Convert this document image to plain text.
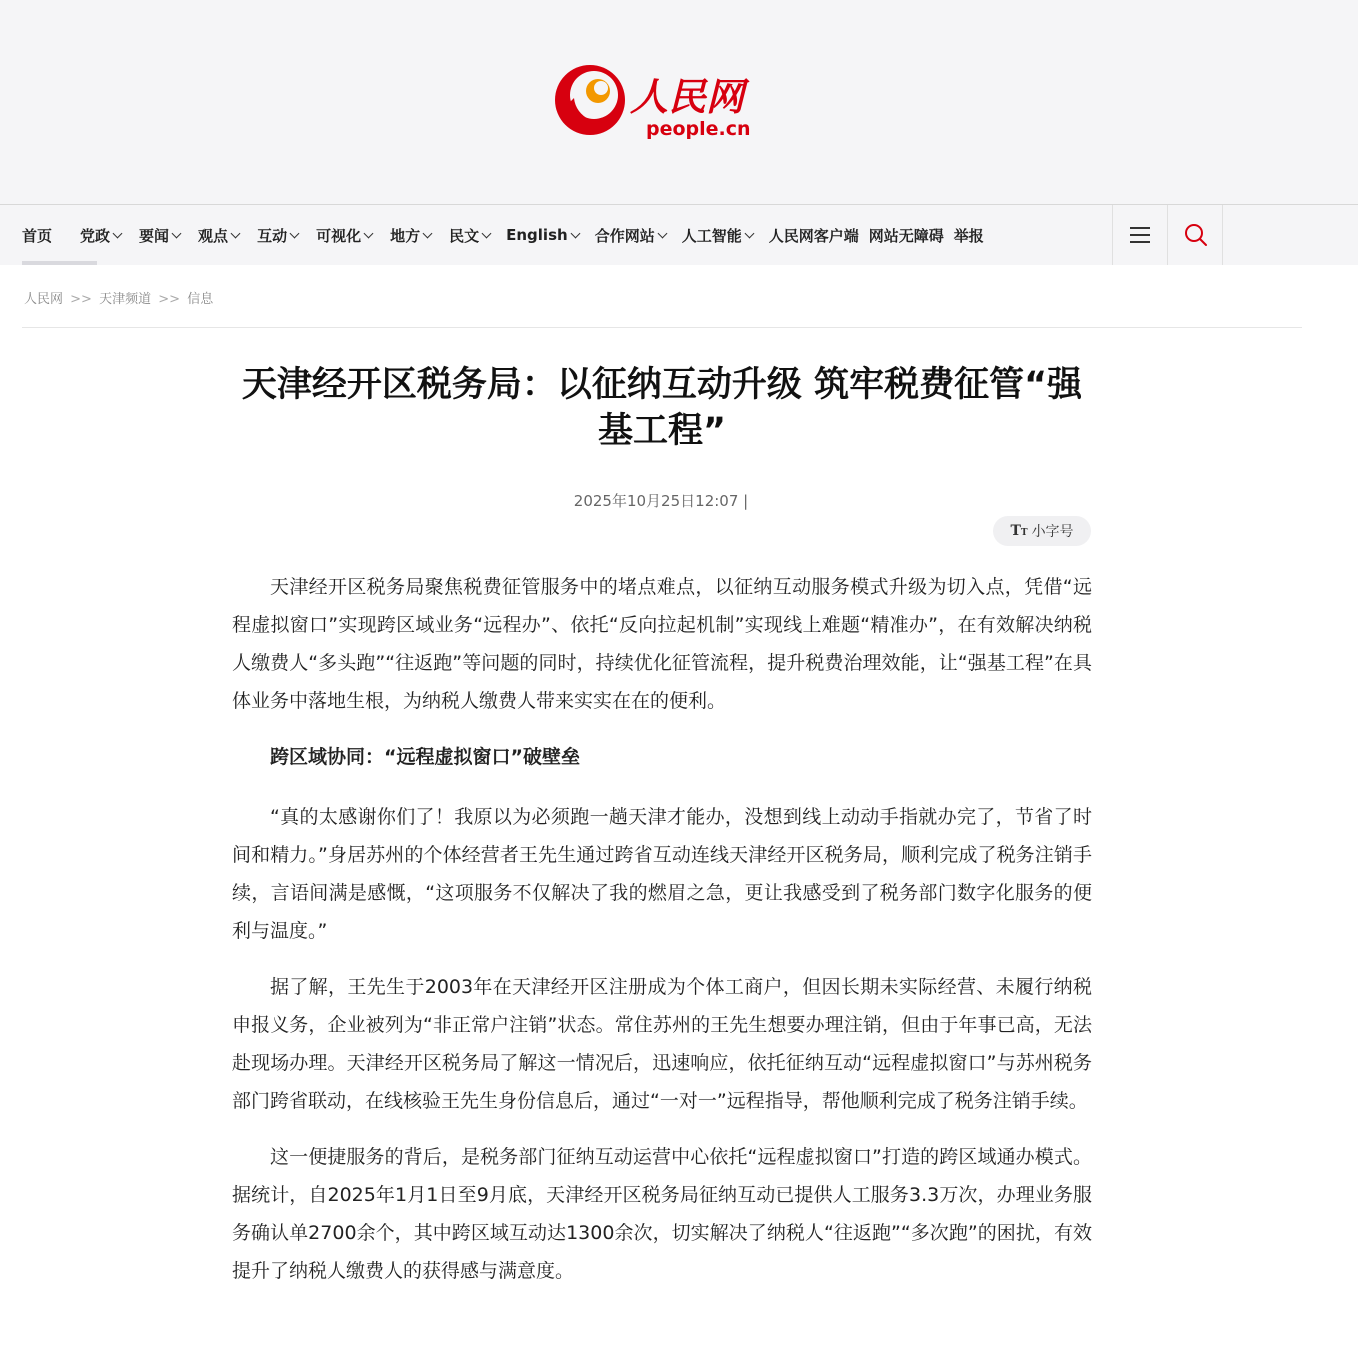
人民网
people.cn
首页 党政 要闻 观点 互动 可视化 地方 民文 English 合作网站 人工智能 人民网客户端 网站无障碍 举报
人民网 >> 天津频道 >> 信息
天津经开区税务局：以征纳互动升级 筑牢税费征管“强基工程”
2025年10月25日12:07 |
TT 小字号

天津经开区税务局聚焦税费征管服务中的堵点难点，以征纳互动服务模式升级为切入点，凭借“远程虚拟窗口”实现跨区域业务“远程办”、依托“反向拉起机制”实现线上难题“精准办”，在有效解决纳税人缴费人“多头跑”“往返跑”等问题的同时，持续优化征管流程，提升税费治理效能，让“强基工程”在具体业务中落地生根，为纳税人缴费人带来实实在在的便利。

跨区域协同：“远程虚拟窗口”破壁垒

“真的太感谢你们了！我原以为必须跑一趟天津才能办，没想到线上动动手指就办完了，节省了时间和精力。”身居苏州的个体经营者王先生通过跨省互动连线天津经开区税务局，顺利完成了税务注销手续，言语间满是感慨，“这项服务不仅解决了我的燃眉之急，更让我感受到了税务部门数字化服务的便利与温度。”

据了解，王先生于2003年在天津经开区注册成为个体工商户，但因长期未实际经营、未履行纳税申报义务，企业被列为“非正常户注销”状态。常住苏州的王先生想要办理注销，但由于年事已高，无法赴现场办理。天津经开区税务局了解这一情况后，迅速响应，依托征纳互动“远程虚拟窗口”与苏州税务部门跨省联动，在线核验王先生身份信息后，通过“一对一”远程指导，帮他顺利完成了税务注销手续。

这一便捷服务的背后，是税务部门征纳互动运营中心依托“远程虚拟窗口”打造的跨区域通办模式。据统计，自2025年1月1日至9月底，天津经开区税务局征纳互动已提供人工服务3.3万次，办理业务服务确认单2700余个，其中跨区域互动达1300余次，切实解决了纳税人“往返跑”“多次跑”的困扰，有效提升了纳税人缴费人的获得感与满意度。
